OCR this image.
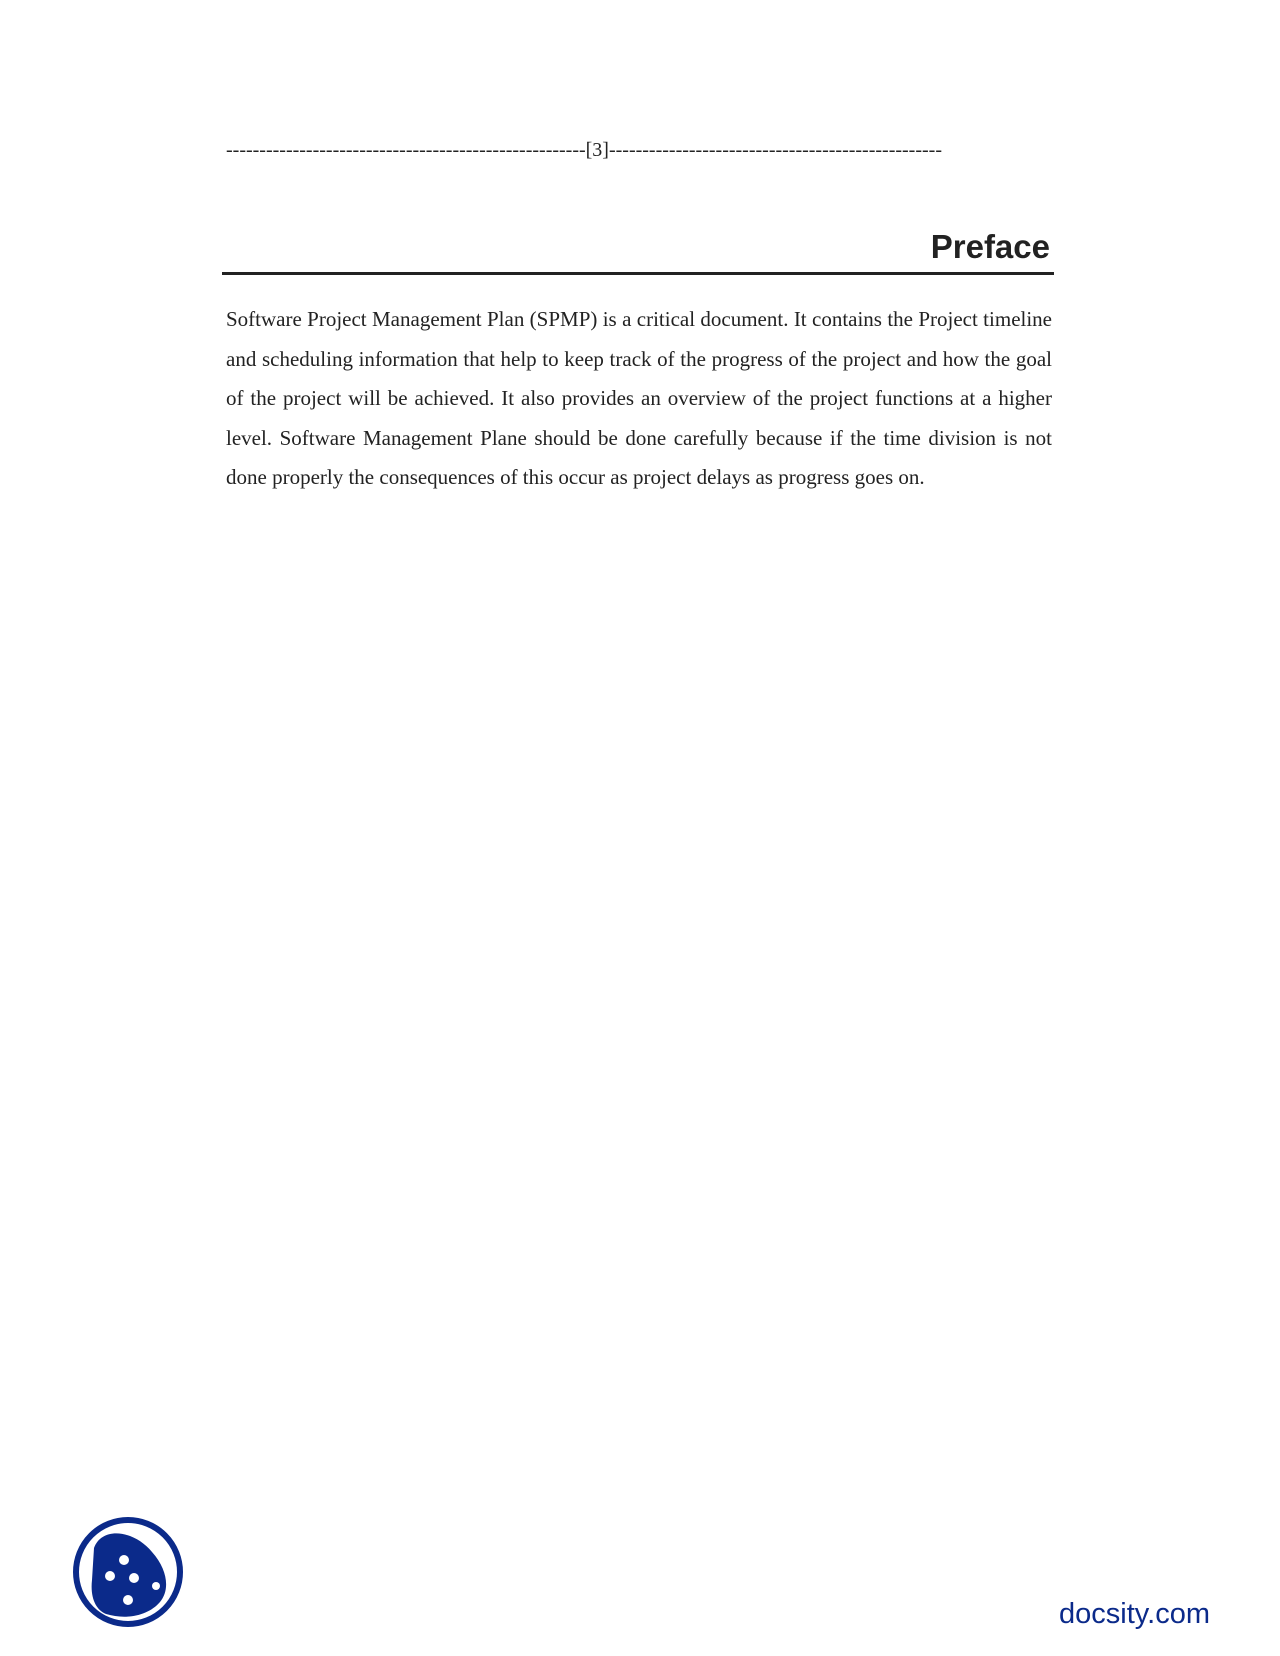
------------------------------------------------------[3]--------------------------------------------------
Preface

Software Project Management Plan (SPMP) is a critical document. It contains the Project timeline and scheduling information that help to keep track of the progress of the project and how the goal of the project will be achieved. It also provides an overview of the project functions at a higher level. Software Management Plane should be done carefully because if the time division is not done properly the consequences of this occur as project delays as progress goes on.

docsity.com
